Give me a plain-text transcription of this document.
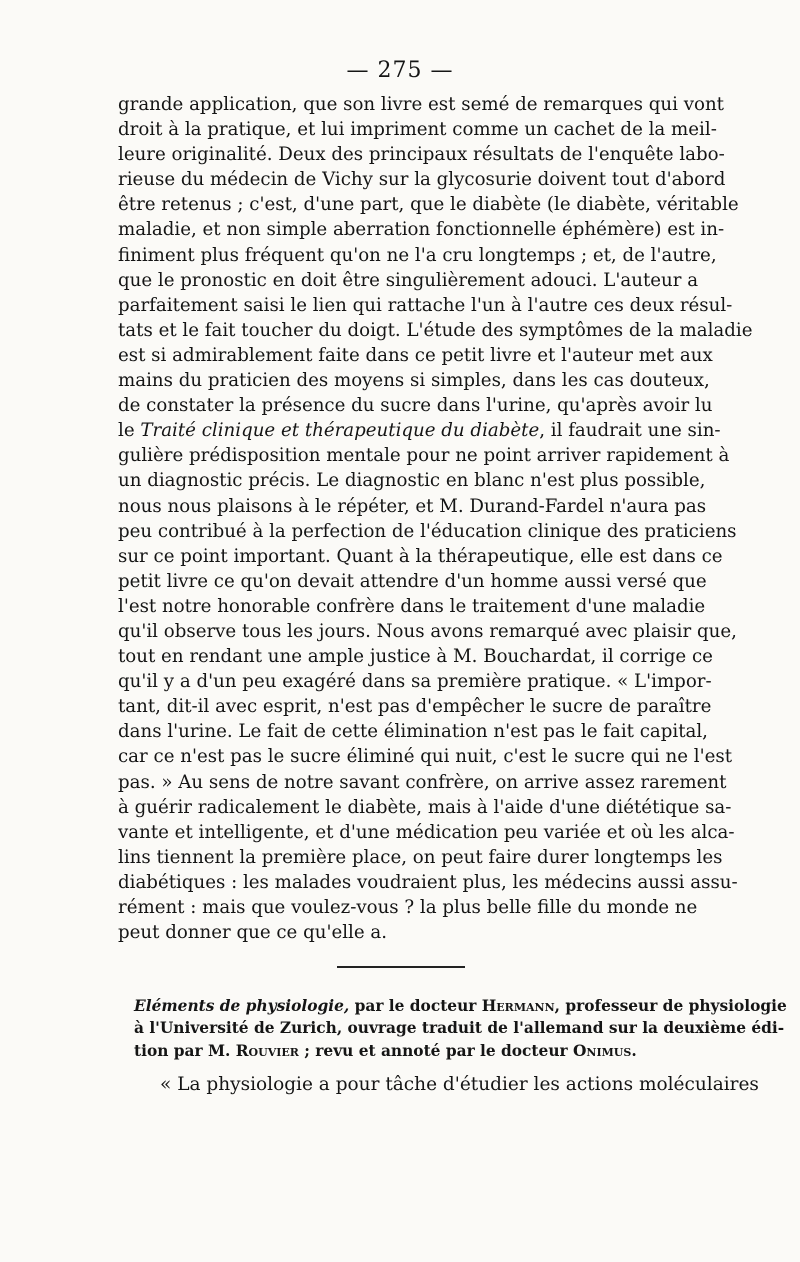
— 275 —
grande application, que son livre est semé de remarques qui vont
droit à la pratique, et lui impriment comme un cachet de la meil-
leure originalité. Deux des principaux résultats de l'enquête labo-
rieuse du médecin de Vichy sur la glycosurie doivent tout d'abord
être retenus ; c'est, d'une part, que le diabète (le diabète, véritable
maladie, et non simple aberration fonctionnelle éphémère) est in-
finiment plus fréquent qu'on ne l'a cru longtemps ; et, de l'autre,
que le pronostic en doit être singulièrement adouci. L'auteur a
parfaitement saisi le lien qui rattache l'un à l'autre ces deux résul-
tats et le fait toucher du doigt. L'étude des symptômes de la maladie
est si admirablement faite dans ce petit livre et l'auteur met aux
mains du praticien des moyens si simples, dans les cas douteux,
de constater la présence du sucre dans l'urine, qu'après avoir lu
le Traité clinique et thérapeutique du diabète, il faudrait une sin-
gulière prédisposition mentale pour ne point arriver rapidement à
un diagnostic précis. Le diagnostic en blanc n'est plus possible,
nous nous plaisons à le répéter, et M. Durand-Fardel n'aura pas
peu contribué à la perfection de l'éducation clinique des praticiens
sur ce point important. Quant à la thérapeutique, elle est dans ce
petit livre ce qu'on devait attendre d'un homme aussi versé que
l'est notre honorable confrère dans le traitement d'une maladie
qu'il observe tous les jours. Nous avons remarqué avec plaisir que,
tout en rendant une ample justice à M. Bouchardat, il corrige ce
qu'il y a d'un peu exagéré dans sa première pratique. « L'impor-
tant, dit-il avec esprit, n'est pas d'empêcher le sucre de paraître
dans l'urine. Le fait de cette élimination n'est pas le fait capital,
car ce n'est pas le sucre éliminé qui nuit, c'est le sucre qui ne l'est
pas. » Au sens de notre savant confrère, on arrive assez rarement
à guérir radicalement le diabète, mais à l'aide d'une diététique sa-
vante et intelligente, et d'une médication peu variée et où les alca-
lins tiennent la première place, on peut faire durer longtemps les
diabétiques : les malades voudraient plus, les médecins aussi assu-
rément : mais que voulez-vous ? la plus belle fille du monde ne
peut donner que ce qu'elle a.
Eléments de physiologie, par le docteur Hermann, professeur de physiologie
à l'Université de Zurich, ouvrage traduit de l'allemand sur la deuxième édi-
tion par M. Rouvier ; revu et annoté par le docteur Onimus.
« La physiologie a pour tâche d'étudier les actions moléculaires
